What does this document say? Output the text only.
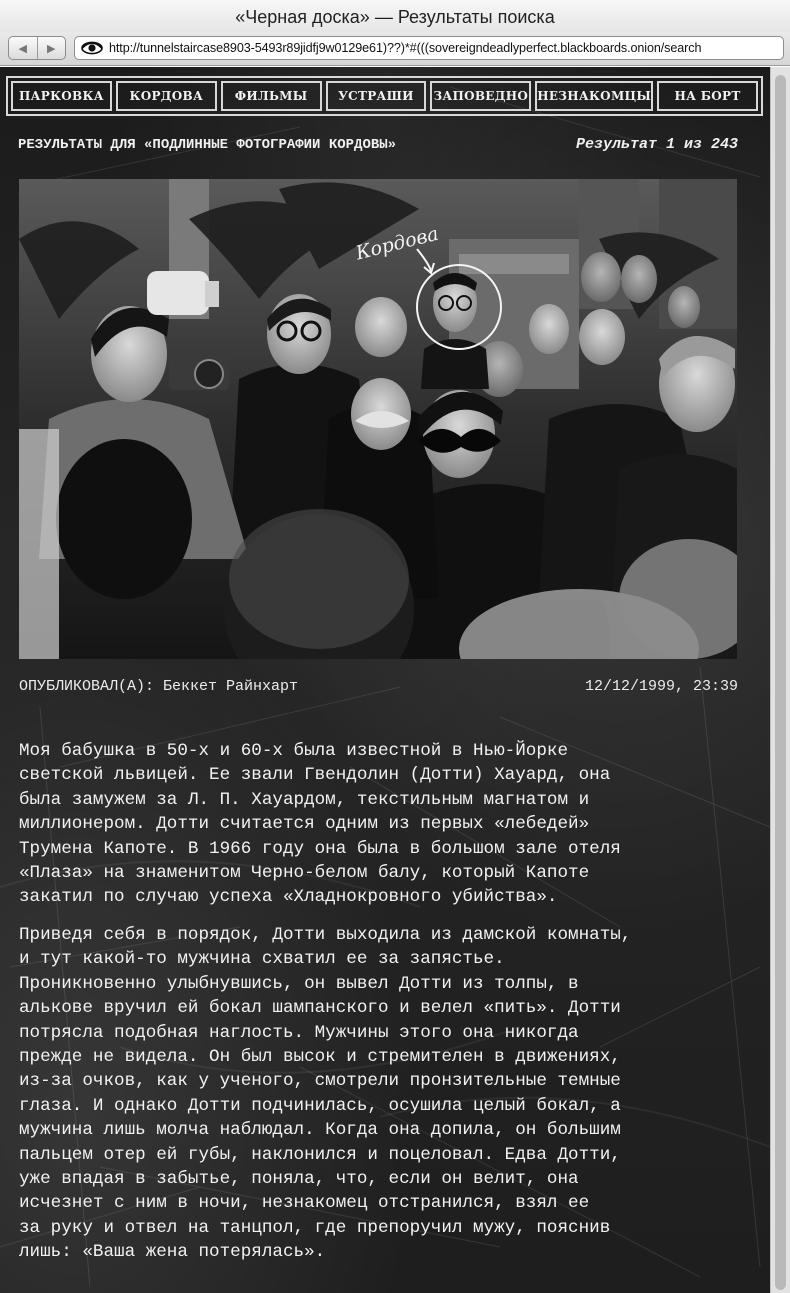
«Черная доска» — Результаты поиска
◀	▶	http://tunnelstaircase8903-5493r89jidfj9w0129e61)??)*#(((sovereigndeadlyperfect.blackboards.onion/search
ПАРКОВКА	КОРДОВА	ФИЛЬМЫ	УСТРАШИ	ЗАПОВЕДНО НЕЗНАКОМЦЫ	НА БОРТ
РЕЗУЛЬТАТЫ ДЛЯ «ПОДЛИННЫЕ ФОТОГРАФИИ КОРДОВЫ»	Результат 1 из 243
Кордова
ОПУБЛИКОВАЛ(А): Беккет Райнхарт	12/12/1999, 23:39
Моя бабушка в 50-х и 60-х была известной в Нью-Йорке
светской львицей. Ее звали Гвендолин (Дотти) Хауард, она
была замужем за Л. П. Хауардом, текстильным магнатом и
миллионером. Дотти считается одним из первых «лебедей»
Трумена Капоте. В 1966 году она была в большом зале отеля
«Плаза» на знаменитом Черно-белом балу, который Капоте
закатил по случаю успеха «Хладнокровного убийства».
Приведя себя в порядок, Дотти выходила из дамской комнаты,
и тут какой-то мужчина схватил ее за запястье.
Проникновенно улыбнувшись, он вывел Дотти из толпы, в
алькове вручил ей бокал шампанского и велел «пить». Дотти
потрясла подобная наглость. Мужчины этого она никогда
прежде не видела. Он был высок и стремителен в движениях,
из-за очков, как у ученого, смотрели пронзительные темные
глаза. И однако Дотти подчинилась, осушила целый бокал, а
мужчина лишь молча наблюдал. Когда она допила, он большим
пальцем отер ей губы, наклонился и поцеловал. Едва Дотти,
уже впадая в забытье, поняла, что, если он велит, она
исчезнет с ним в ночи, незнакомец отстранился, взял ее
за руку и отвел на танцпол, где препоручил мужу, пояснив
лишь: «Ваша жена потерялась».
